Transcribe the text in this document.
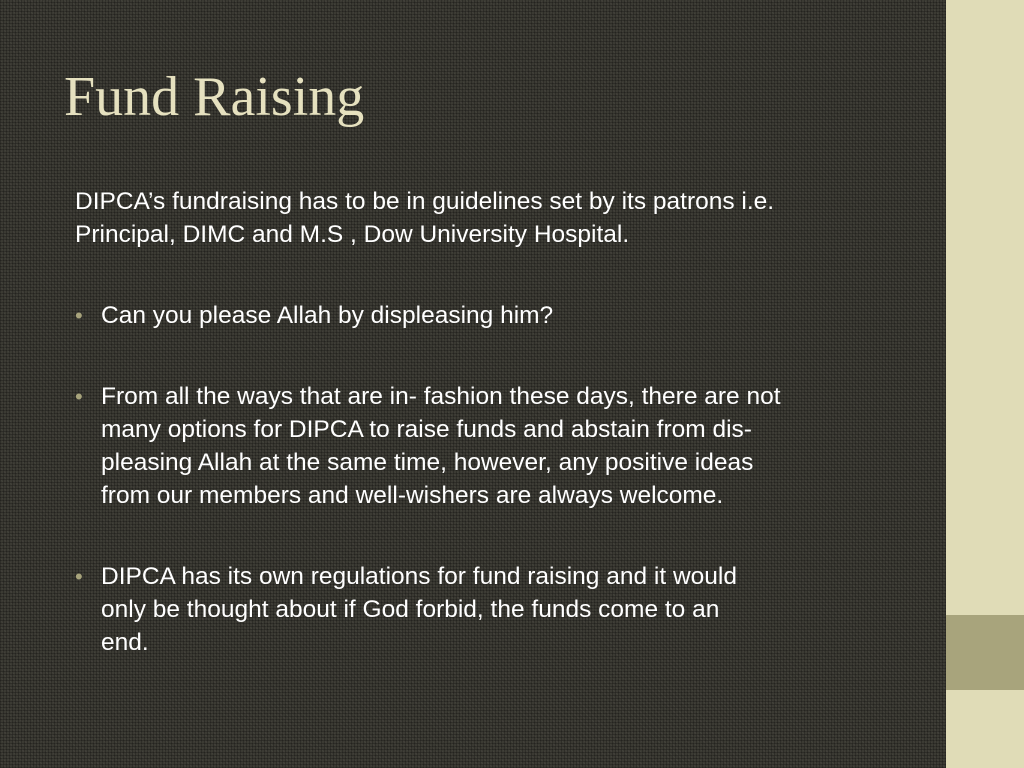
Fund Raising

DIPCA’s fundraising has to be in guidelines set by its patrons i.e.
Principal, DIMC and M.S , Dow University Hospital.

• Can you please Allah by displeasing him?
• From all the ways that are in- fashion these days, there are not
many options for DIPCA to raise funds and abstain from dis-
pleasing Allah at the same time, however, any positive ideas
from our members and well-wishers are always welcome.
• DIPCA has its own regulations for fund raising and it would
only be thought about if God forbid, the funds come to an
end.
